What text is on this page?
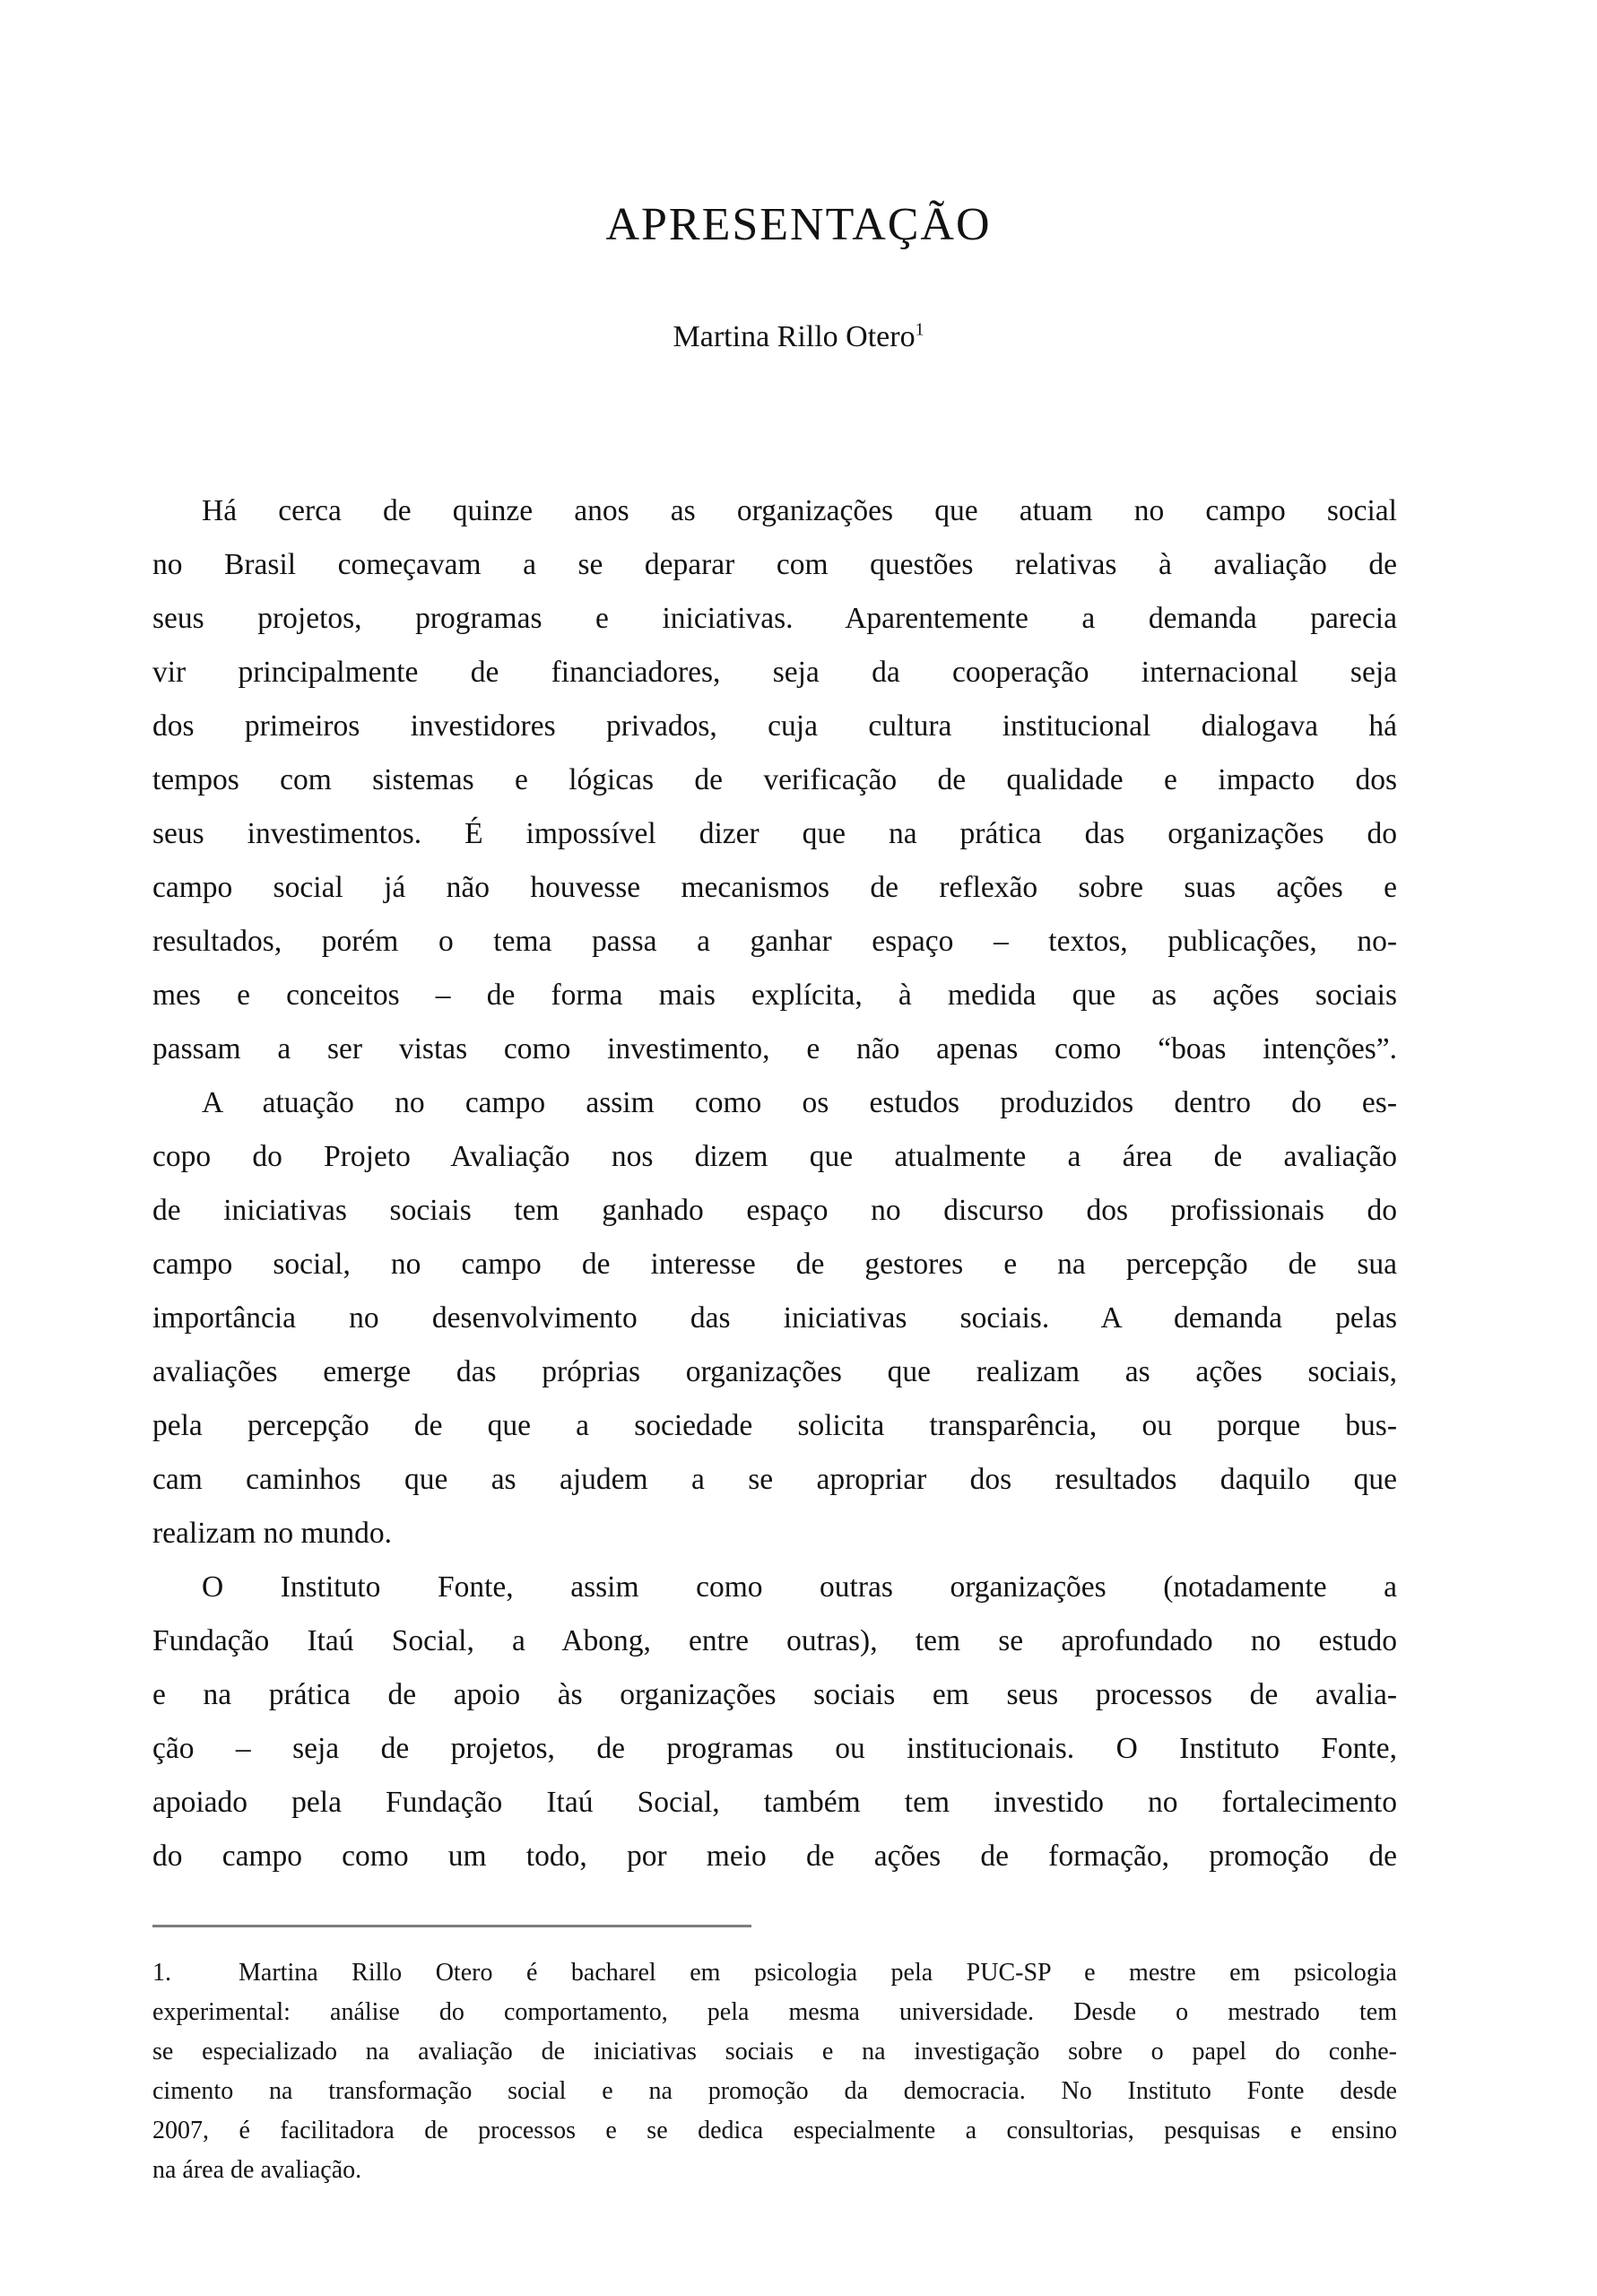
APRESENTAÇÃO
Martina Rillo Otero$^1$
Há cerca de quinze anos as organizações que atuam no campo social
no Brasil começavam a se deparar com questões relativas à avaliação de
seus projetos, programas e iniciativas. Aparentemente a demanda parecia
vir principalmente de financiadores, seja da cooperação internacional seja
dos primeiros investidores privados, cuja cultura institucional dialogava há
tempos com sistemas e lógicas de verificação de qualidade e impacto dos
seus investimentos. É impossível dizer que na prática das organizações do
campo social já não houvesse mecanismos de reflexão sobre suas ações e
resultados, porém o tema passa a ganhar espaço – textos, publicações, no-
mes e conceitos – de forma mais explícita, à medida que as ações sociais
passam a ser vistas como investimento, e não apenas como “boas intenções”.
A atuação no campo assim como os estudos produzidos dentro do es-
copo do Projeto Avaliação nos dizem que atualmente a área de avaliação
de iniciativas sociais tem ganhado espaço no discurso dos profissionais do
campo social, no campo de interesse de gestores e na percepção de sua
importância no desenvolvimento das iniciativas sociais. A demanda pelas
avaliações emerge das próprias organizações que realizam as ações sociais,
pela percepção de que a sociedade solicita transparência, ou porque bus-
cam caminhos que as ajudem a se apropriar dos resultados daquilo que
realizam no mundo.
O Instituto Fonte, assim como outras organizações (notadamente a
Fundação Itaú Social, a Abong, entre outras), tem se aprofundado no estudo
e na prática de apoio às organizações sociais em seus processos de avalia-
ção – seja de projetos, de programas ou institucionais. O Instituto Fonte,
apoiado pela Fundação Itaú Social, também tem investido no fortalecimento
do campo como um todo, por meio de ações de formação, promoção de
1.  Martina Rillo Otero é bacharel em psicologia pela PUC-SP e mestre em psicologia
experimental: análise do comportamento, pela mesma universidade. Desde o mestrado tem
se especializado na avaliação de iniciativas sociais e na investigação sobre o papel do conhe-
cimento na transformação social e na promoção da democracia. No Instituto Fonte desde
2007, é facilitadora de processos e se dedica especialmente a consultorias, pesquisas e ensino
na área de avaliação.
